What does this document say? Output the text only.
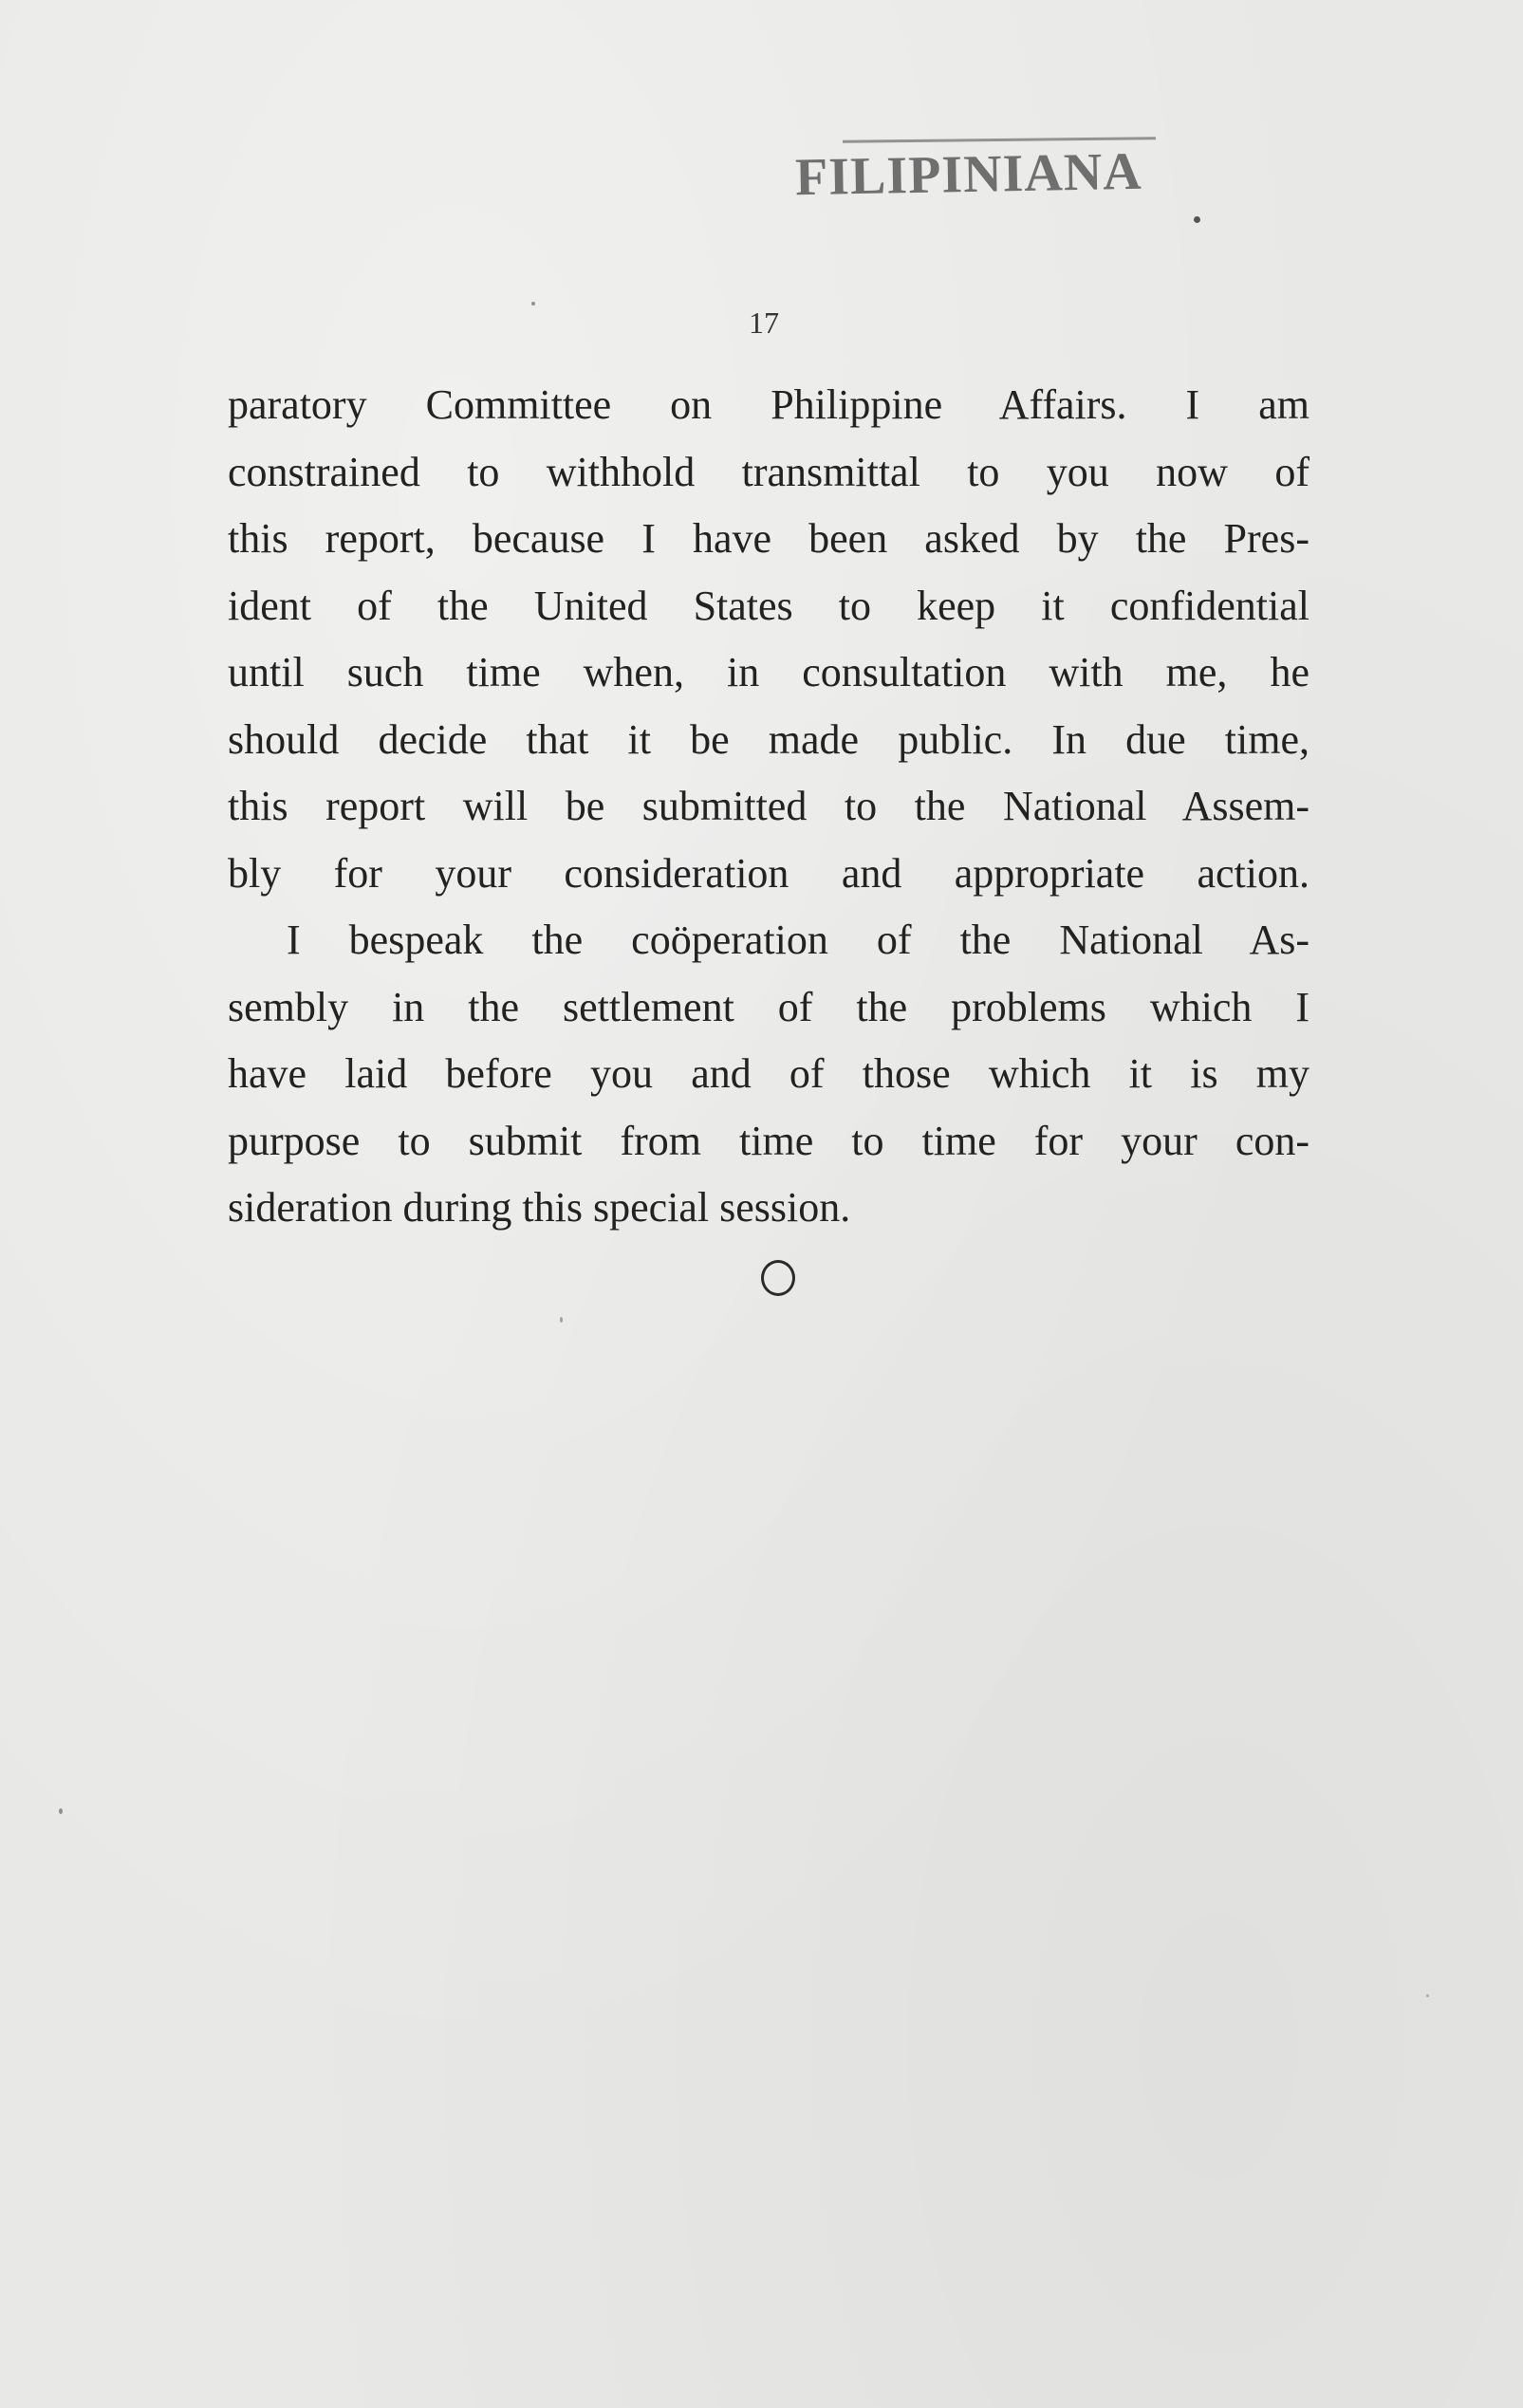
FILIPINIANA
17
paratory Committee on Philippine Affairs. I am
constrained to withhold transmittal to you now of
this report, because I have been asked by the Pres-
ident of the United States to keep it confidential
until such time when, in consultation with me, he
should decide that it be made public. In due time,
this report will be submitted to the National Assem-
bly for your consideration and appropriate action.
I bespeak the coöperation of the National As-
sembly in the settlement of the problems which I
have laid before you and of those which it is my
purpose to submit from time to time for your con-
sideration during this special session.
